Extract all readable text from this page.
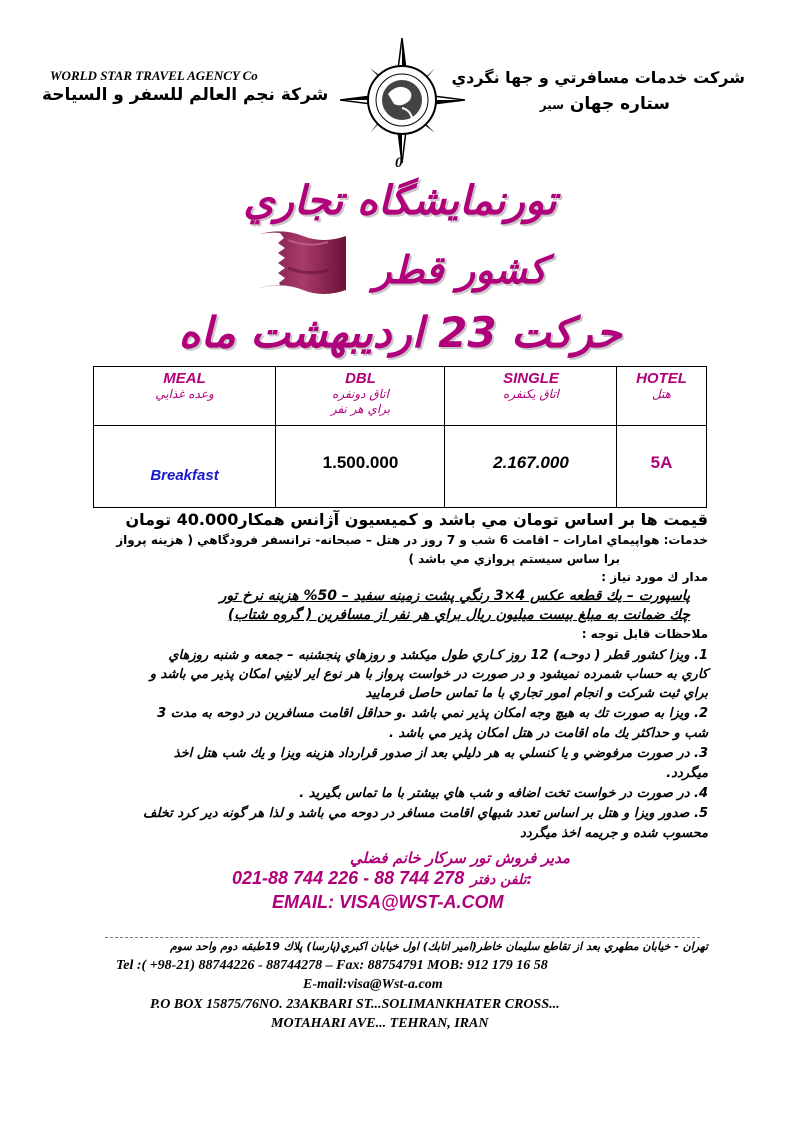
WORLD STAR TRAVEL AGENCY Co
شركة نجم العالم للسفر و السياحة
شركت خدمات مسافرتي و جها نگردي
ستاره جهان سير
0
تورنمايشگاه تجاري
كشور قطر
حركت 23 ارديبهشت ماه
MEAL
وعده غذايي
Breakfast
DBL
اتاق دونفره
براي هر نفر
1.500.000
SINGLE
اتاق يكنفره
2.167.000
HOTEL
هتل
5A
قيمت ها بر اساس تومان مي باشد و كميسيون آژانس همكار40.000 تومان
خدمات: هواپيماي امارات – اقامت 6 شب و 7 روز در هتل – صبحانه- ترانسفر فرودگاهي ( هزينه پرواز
برا ساس سيستم پروازي مي باشد )
مدار ك مورد نياز :
پاسپورت – يك قطعه عكس 4×3 رنگي پشت زمينه سفيد – 50% هزينه نرخ تور
چك ضمانت به مبلغ بيست ميليون ريال براي هر نفر از مسافرين ( گروه شتاب)
ملاحظات قابل توجه :
1. ويزا كشور قطر ( دوحـه) 12 روز كـاري طول ميكشد و روزهاي پنجشنبه – جمعه و شنبه روزهاي
كاري به حساب شمرده نميشود و در صورت در خواست پرواز با هر نوع اير لاينِي امكان پذير مي باشد و
براي ثبت شركت و انجام امور تجاري با ما تماس حاصل فرماييد
2. ويزا به صورت تك به هيچ وجه امكان پذير نمي باشد .و حداقل اقامت مسافرين در دوحه به مدت 3
شب و حداكثر يك ماه اقامت در هتل امكان پذير مي باشد .
3. در صورت مرفوضي و يا كنسلي به هر دليلي بعد از صدور قرارداد هزينه ويزا و يك شب هتل اخذ
ميگردد.
4. در صورت در خواست تخت اضافه و شب هاي بيشتر با ما تماس بگيريد .
5. صدور ويزا و هتل بر اساس تعدد شبهاي اقامت مسافر در دوحه مي باشد و لذا هر گونه دير كرد تخلف
محسوب شده و جريمه اخذ ميگردد
مدير فروش تور سركار خانم فضلي
021-88 744 226 - 88 744 278 تلفن دفتر:
EMAIL: VISA@WST-A.COM
تهران - خيابان مطهري بعد از تقاطع سليمان خاطر(امير اتابك) اول خيابان اكبري(پارسا) پلاك 19طبقه دوم واحد سوم
Tel :( +98-21) 88744226 - 88744278 – Fax: 88754791 MOB: 912 179 16 58
E-mail:visa@Wst-a.com
P.O BOX 15875/76NO. 23AKBARI ST...SOLIMANKHATER CROSS...
MOTAHARI AVE... TEHRAN, IRAN
